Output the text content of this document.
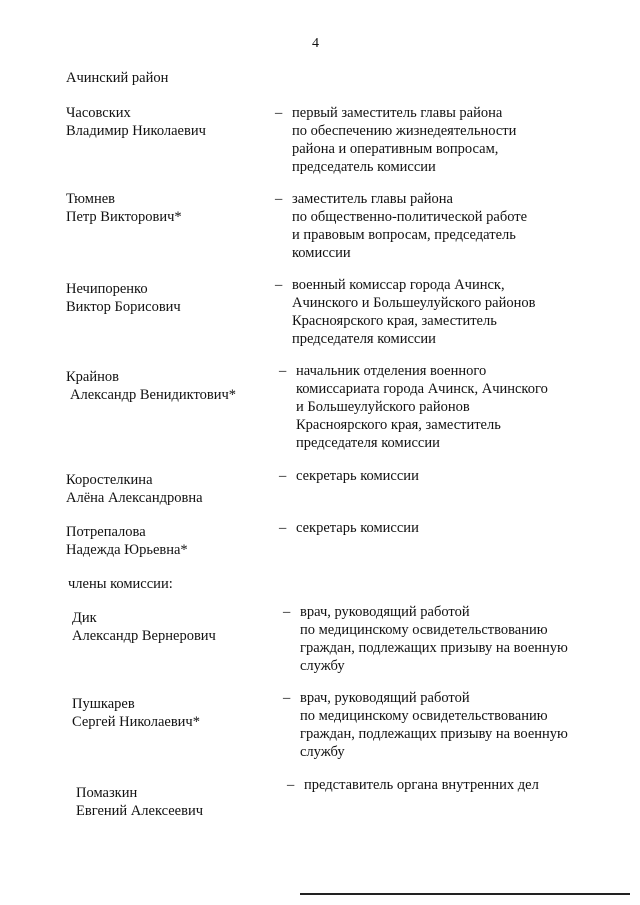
4
Ачинский район
Часовских
Владимир Николаевич
– первый заместитель главы района
по обеспечению жизнедеятельности
района и оперативным вопросам,
председатель комиссии
Тюмнев
Петр Викторович*
– заместитель главы района
по общественно-политической работе
и правовым вопросам, председатель
комиссии
Нечипоренко
Виктор Борисович
– военный комиссар города Ачинск,
Ачинского и Большеулуйского районов
Красноярского края, заместитель
председателя комиссии
Крайнов
Александр Венидиктович*
– начальник отделения военного
комиссариата города Ачинск, Ачинского
и Большеулуйского районов
Красноярского края, заместитель
председателя комиссии
Коростелкина
Алёна Александровна
– секретарь комиссии
Потрепалова
Надежда Юрьевна*
– секретарь комиссии
члены комиссии:
Дик
Александр Вернерович
– врач, руководящий работой
по медицинскому освидетельствованию
граждан, подлежащих призыву на военную
службу
Пушкарев
Сергей Николаевич*
– врач, руководящий работой
по медицинскому освидетельствованию
граждан, подлежащих призыву на военную
службу
Помазкин
Евгений Алексеевич
– представитель органа внутренних дел
